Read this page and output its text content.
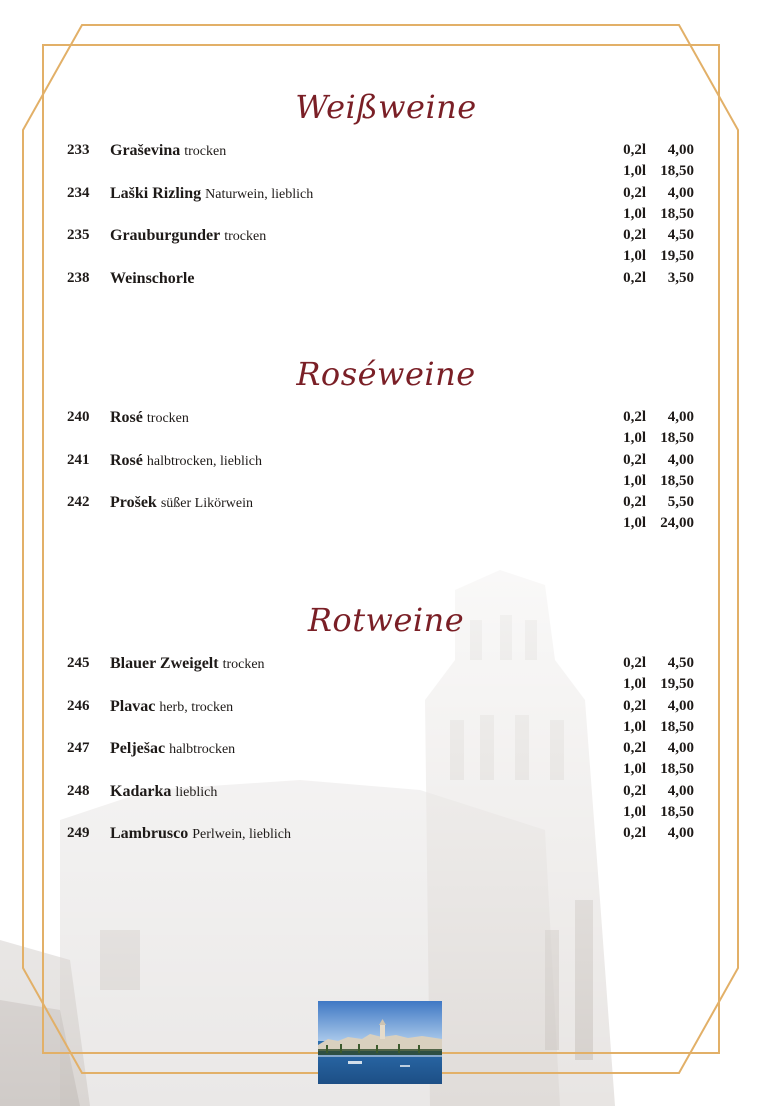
Weißweine
233	Graševina trocken	0,2l 4,00
1,0l 18,50
234	Laški Rizling Naturwein, lieblich	0,2l 4,00
1,0l 18,50
235	Grauburgunder trocken	0,2l 4,50
1,0l 19,50
238	Weinschorle	0,2l 3,50
Roséweine
240	Rosé trocken	0,2l 4,00
1,0l 18,50
241	Rosé halbtrocken, lieblich	0,2l 4,00
1,0l 18,50
242	Prošek süßer Likörwein	0,2l 5,50
1,0l 24,00
Rotweine
245	Blauer Zweigelt trocken	0,2l 4,50
1,0l 19,50
246	Plavac herb, trocken	0,2l 4,00
1,0l 18,50
247	Pelješac halbtrocken	0,2l 4,00
1,0l 18,50
248	Kadarka lieblich	0,2l 4,00
1,0l 18,50
249	Lambrusco Perlwein, lieblich	0,2l 4,00
